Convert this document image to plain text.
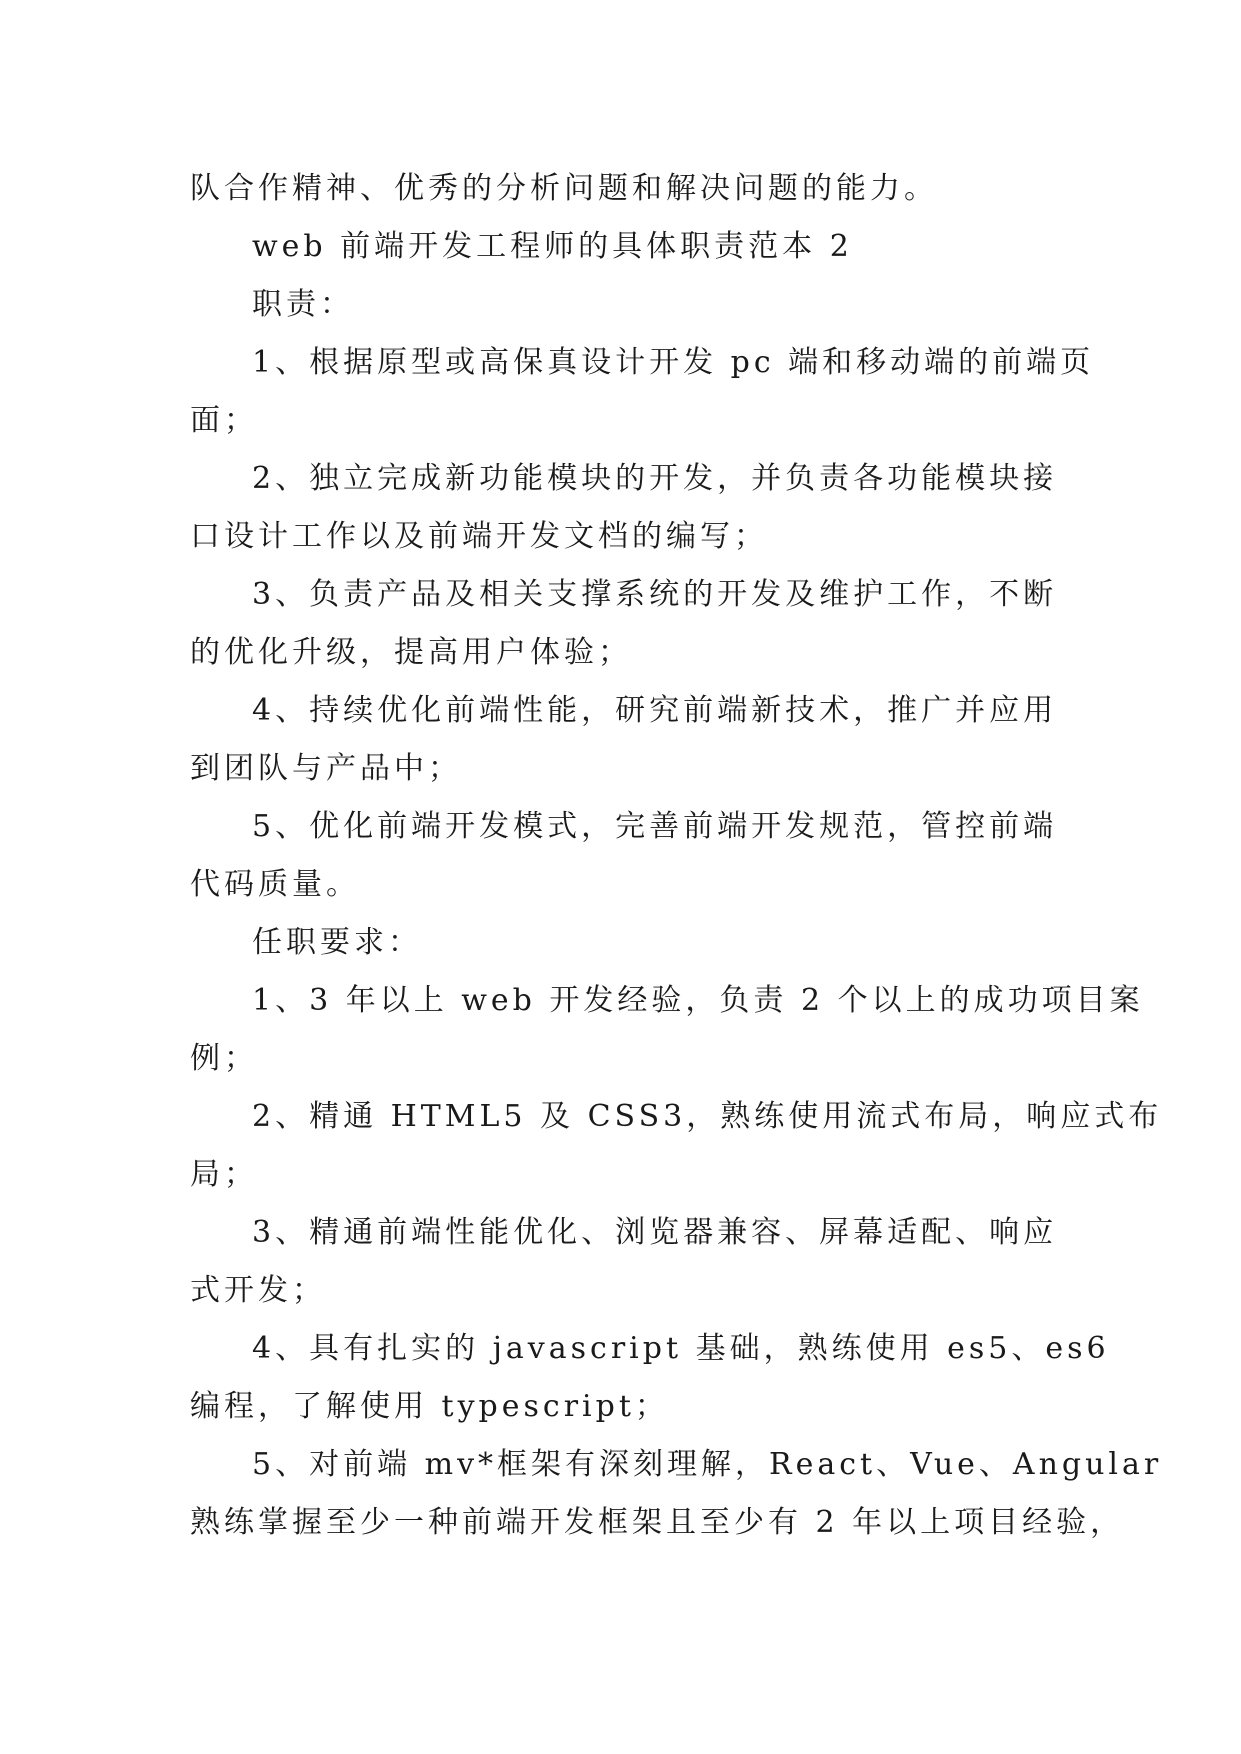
队合作精神、优秀的分析问题和解决问题的能力。
web 前端开发工程师的具体职责范本 2
职责：
1、根据原型或高保真设计开发 pc 端和移动端的前端页
面；
2、独立完成新功能模块的开发，并负责各功能模块接
口设计工作以及前端开发文档的编写；
3、负责产品及相关支撑系统的开发及维护工作，不断
的优化升级，提高用户体验；
4、持续优化前端性能，研究前端新技术，推广并应用
到团队与产品中；
5、优化前端开发模式，完善前端开发规范，管控前端
代码质量。
任职要求：
1、3 年以上 web 开发经验，负责 2 个以上的成功项目案
例；
2、精通 HTML5 及 CSS3，熟练使用流式布局，响应式布
局；
3、精通前端性能优化、浏览器兼容、屏幕适配、响应
式开发；
4、具有扎实的 javascript 基础，熟练使用 es5、es6
编程，了解使用 typescript；
5、对前端 mv*框架有深刻理解，React、Vue、Angular
熟练掌握至少一种前端开发框架且至少有 2 年以上项目经验，
